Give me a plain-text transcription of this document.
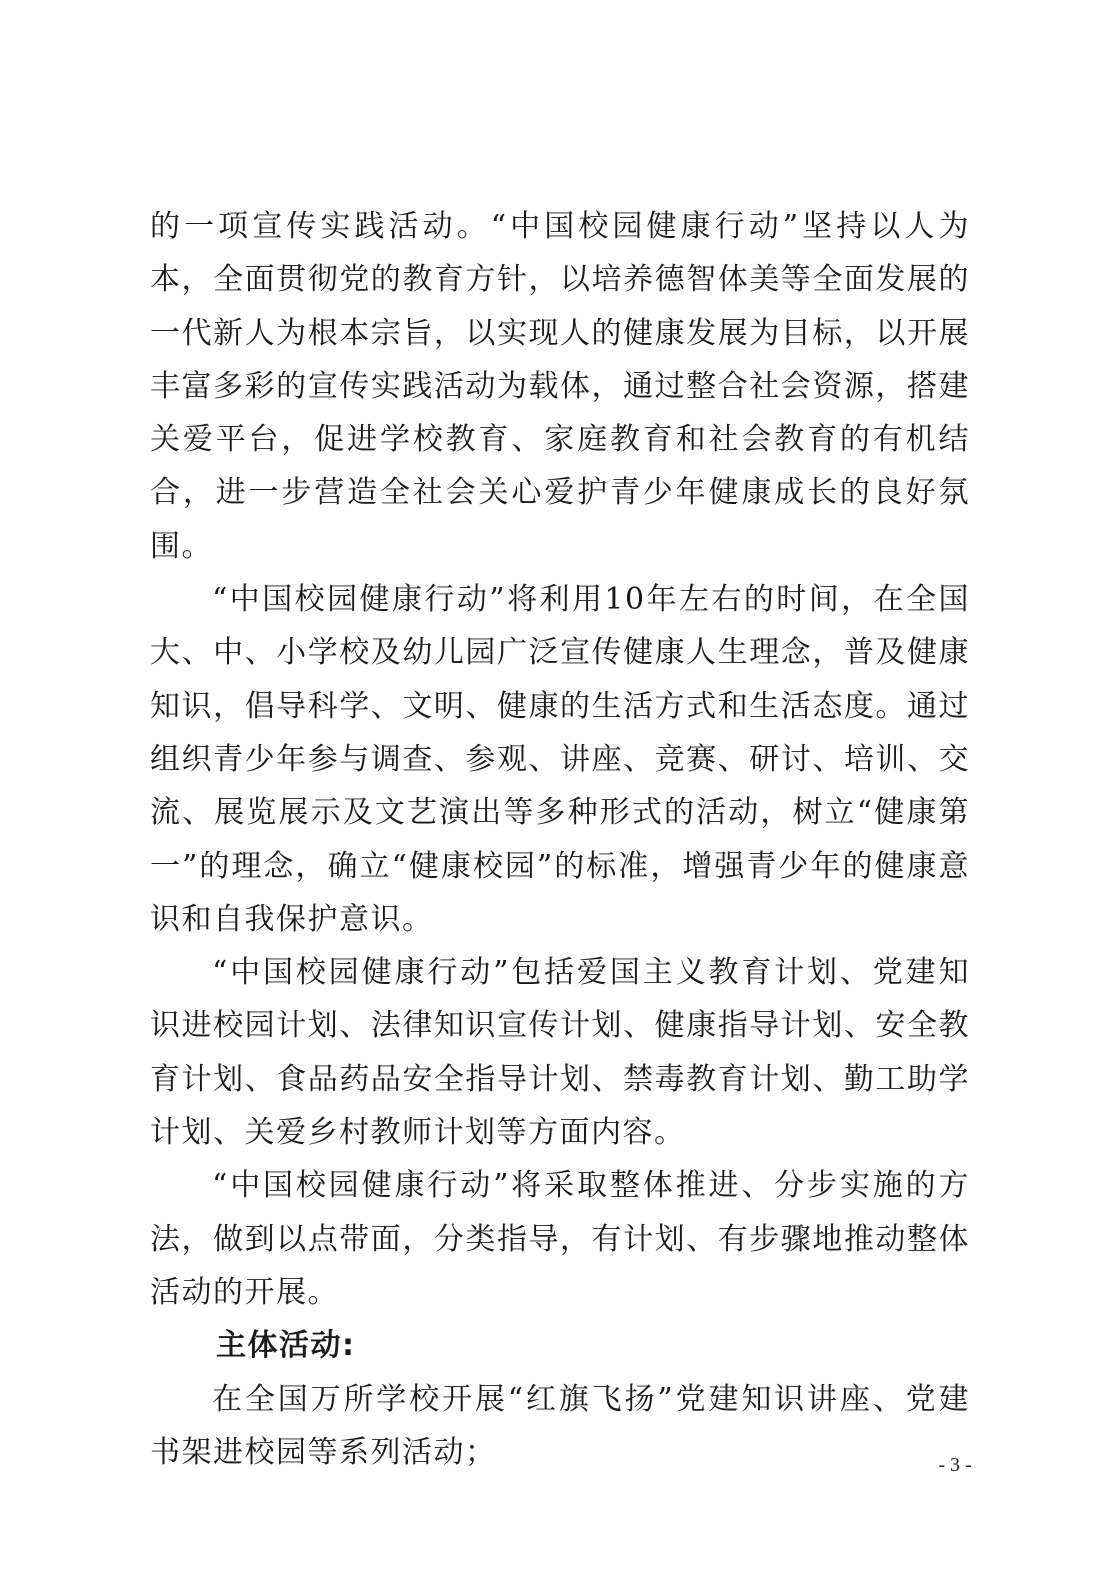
的一项宣传实践活动。“中国校园健康行动”坚持以人为本，全面贯彻党的教育方针，以培养德智体美等全面发展的一代新人为根本宗旨，以实现人的健康发展为目标，以开展丰富多彩的宣传实践活动为载体，通过整合社会资源，搭建关爱平台，促进学校教育、家庭教育和社会教育的有机结合，进一步营造全社会关心爱护青少年健康成长的良好氛围。

“中国校园健康行动”将利用10年左右的时间，在全国大、中、小学校及幼儿园广泛宣传健康人生理念，普及健康知识，倡导科学、文明、健康的生活方式和生活态度。通过组织青少年参与调查、参观、讲座、竞赛、研讨、培训、交流、展览展示及文艺演出等多种形式的活动，树立“健康第一”的理念，确立“健康校园”的标准，增强青少年的健康意识和自我保护意识。

“中国校园健康行动”包括爱国主义教育计划、党建知识进校园计划、法律知识宣传计划、健康指导计划、安全教育计划、食品药品安全指导计划、禁毒教育计划、勤工助学计划、关爱乡村教师计划等方面内容。

“中国校园健康行动”将采取整体推进、分步实施的方法，做到以点带面，分类指导，有计划、有步骤地推动整体活动的开展。

主体活动:

在全国万所学校开展“红旗飞扬”党建知识讲座、党建书架进校园等系列活动；	- 3 -
